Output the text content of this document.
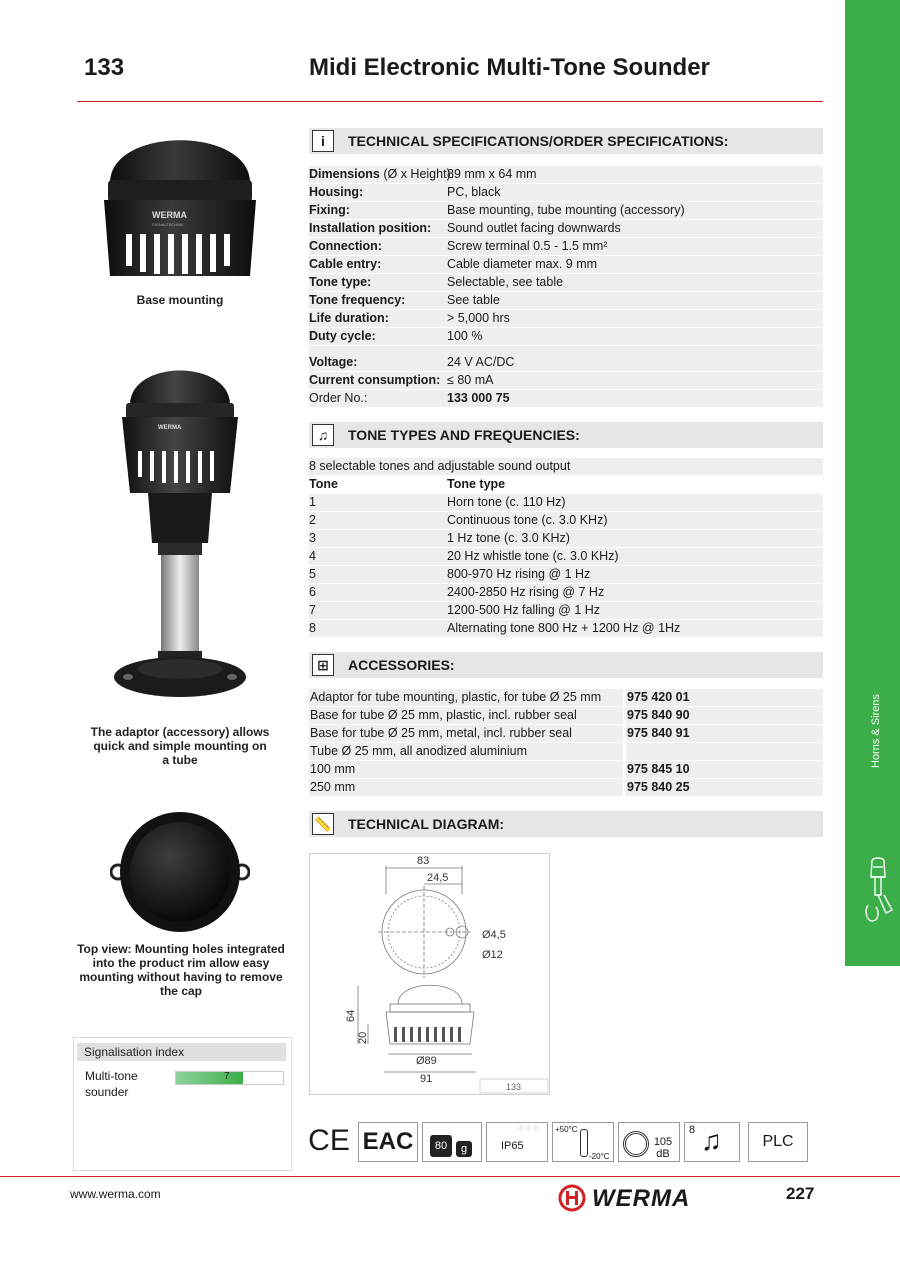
133	Midi Electronic Multi-Tone Sounder
Horns & Sirens
WERMA
SIGNALTECHNIK
Base mounting
WERMA
The adaptor (accessory) allows quick and simple mounting on a tube
Top view: Mounting holes integrated into the product rim allow easy mounting without having to remove the cap
Signalisation index
Multi-tone sounder
7
i	TECHNICAL SPECIFICATIONS/ORDER SPECIFICATIONS:
Dimensions (Ø x Height):
89 mm x 64 mm
Housing:	PC, black
Fixing:	Base mounting, tube mounting (accessory)
Installation position: Sound outlet facing downwards
Connection:	Screw terminal 0.5 - 1.5 mm²
Cable entry:	Cable diameter max. 9 mm
Tone type:	Selectable, see table
Tone frequency:	See table
Life duration:	> 5,000 hrs
Duty cycle:	100 %
Voltage:	24 V AC/DC
Current consumption: ≤ 80 mA
Order No.:	133 000 75
♫	TONE TYPES AND FREQUENCIES:
8 selectable tones and adjustable sound output
Tone	Tone type
1	Horn tone (c. 110 Hz)
2	Continuous tone (c. 3.0 KHz)
3	1 Hz tone (c. 3.0 KHz)
4	20 Hz whistle tone (c. 3.0 KHz)
5	800-970 Hz rising @ 1 Hz
6	2400-2850 Hz rising @ 7 Hz
7	1200-500 Hz falling @ 1 Hz
8	Alternating tone 800 Hz + 1200 Hz @ 1Hz
⊞	ACCESSORIES:
Adaptor for tube mounting, plastic, for tube Ø 25 mm 975 420 01
Base for tube Ø 25 mm, plastic, incl. rubber seal	975 840 90
Base for tube Ø 25 mm, metal, incl. rubber seal	975 840 91
Tube Ø 25 mm, all anodized aluminium
100 mm	975 845 10
250 mm	975 840 25
📏 TECHNICAL DIAGRAM:
83
24,5
Ø4,5
Ø12
64
20
Ø89
91
133
CE EAC	80	g	IP65
⁘⁘⁘ +50°C
-20°C
105 dB
8 ♫	PLC
www.werma.com	WERMA	227
